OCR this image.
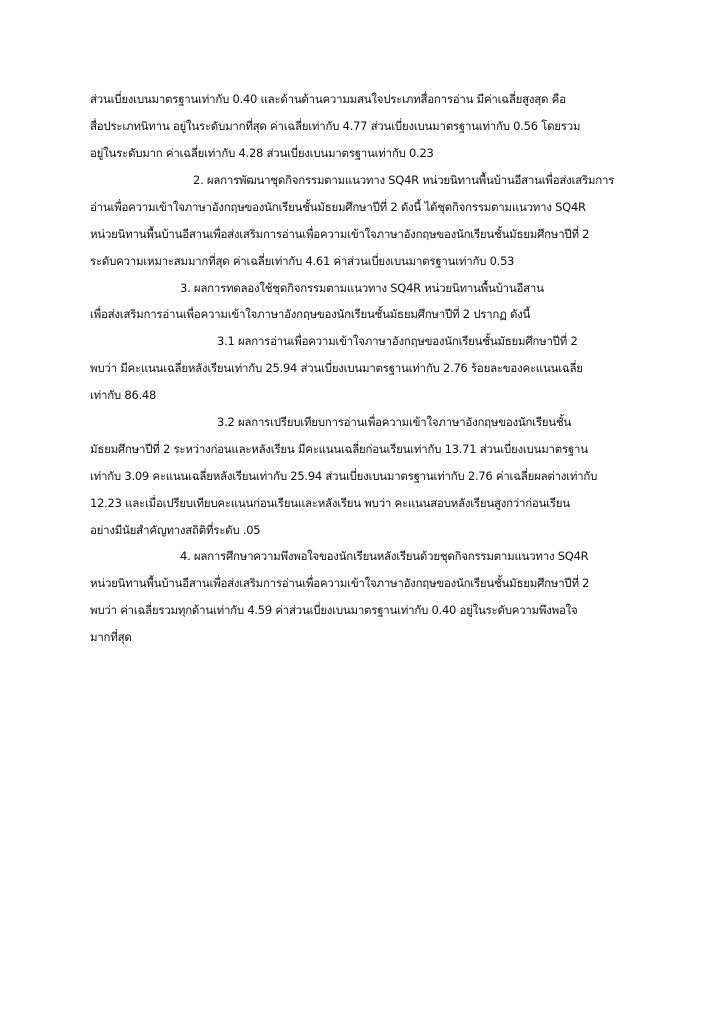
ส่วนเบี่ยงเบนมาตรฐานเท่ากับ 0.40 และด้านด้านความมสนใจประเภทสื่อการอ่าน มีค่าเฉลี่ยสูงสุด คือ
สื่อประเภทนิทาน อยู่ในระดับมากที่สุด ค่าเฉลี่ยเท่ากับ 4.77 ส่วนเบี่ยงเบนมาตรฐานเท่ากับ 0.56 โดยรวม
อยู่ในระดับมาก ค่าเฉลี่ยเท่ากับ 4.28 ส่วนเบี่ยงเบนมาตรฐานเท่ากับ 0.23
2. ผลการพัฒนาชุดกิจกรรมตามแนวทาง SQ4R หน่วยนิทานพื้นบ้านอีสานเพื่อส่งเสริมการ
อ่านเพื่อความเข้าใจภาษาอังกฤษของนักเรียนชั้นมัธยมศึกษาปีที่ 2 ดังนี้ ได้ชุดกิจกรรมตามแนวทาง SQ4R
หน่วยนิทานพื้นบ้านอีสานเพื่อส่งเสริมการอ่านเพื่อความเข้าใจภาษาอังกฤษของนักเรียนชั้นมัธยมศึกษาปีที่ 2
ระดับความเหมาะสมมากที่สุด ค่าเฉลี่ยเท่ากับ 4.61 ค่าส่วนเบี่ยงเบนมาตรฐานเท่ากับ 0.53
3. ผลการทดลองใช้ชุดกิจกรรมตามแนวทาง SQ4R หน่วยนิทานพื้นบ้านอีสาน
เพื่อส่งเสริมการอ่านเพื่อความเข้าใจภาษาอังกฤษของนักเรียนชั้นมัธยมศึกษาปีที่ 2 ปรากฏ ดังนี้
3.1 ผลการอ่านเพื่อความเข้าใจภาษาอังกฤษของนักเรียนชั้นมัธยมศึกษาปีที่ 2
พบว่า มีคะแนนเฉลี่ยหลังเรียนเท่ากับ 25.94 ส่วนเบี่ยงเบนมาตรฐานเท่ากับ 2.76 ร้อยละของคะแนนเฉลี่ย
เท่ากับ 86.48
3.2 ผลการเปรียบเทียบการอ่านเพื่อความเข้าใจภาษาอังกฤษของนักเรียนชั้น
มัธยมศึกษาปีที่ 2 ระหว่างก่อนและหลังเรียน มีคะแนนเฉลี่ยก่อนเรียนเท่ากับ 13.71 ส่วนเบี่ยงเบนมาตรฐาน
เท่ากับ 3.09 คะแนนเฉลี่ยหลังเรียนเท่ากับ 25.94 ส่วนเบี่ยงเบนมาตรฐานเท่ากับ 2.76 ค่าเฉลี่ยผลต่างเท่ากับ
12.23 และเมื่อเปรียบเทียบคะแนนก่อนเรียนและหลังเรียน พบว่า คะแนนสอบหลังเรียนสูงกว่าก่อนเรียน
อย่างมีนัยสำคัญทางสถิติที่ระดับ .05
4. ผลการศึกษาความพึงพอใจของนักเรียนหลังเรียนด้วยชุดกิจกรรมตามแนวทาง SQ4R
หน่วยนิทานพื้นบ้านอีสานเพื่อส่งเสริมการอ่านเพื่อความเข้าใจภาษาอังกฤษของนักเรียนชั้นมัธยมศึกษาปีที่ 2
พบว่า ค่าเฉลี่ยรวมทุกด้านเท่ากับ 4.59 ค่าส่วนเบี่ยงเบนมาตรฐานเท่ากับ 0.40 อยู่ในระดับความพึงพอใจ
มากที่สุด
